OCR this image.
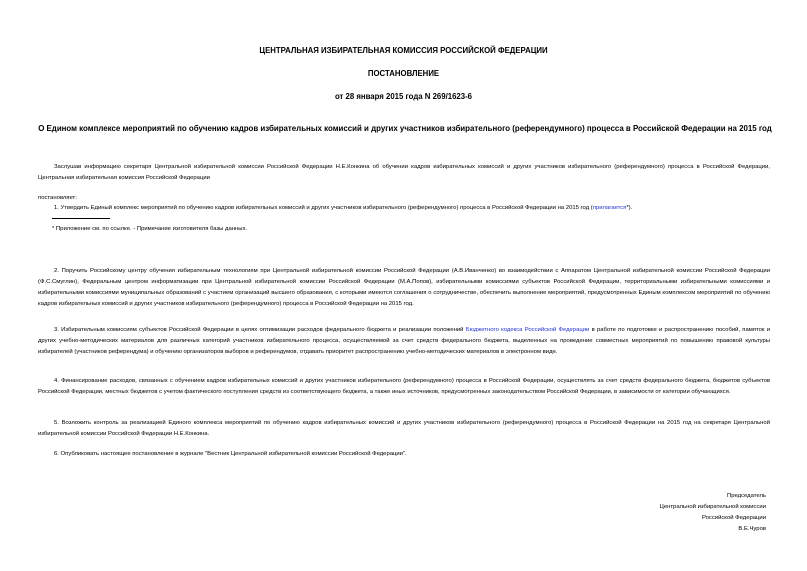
ЦЕНТРАЛЬНАЯ ИЗБИРАТЕЛЬНАЯ КОМИССИЯ РОССИЙСКОЙ ФЕДЕРАЦИИ
ПОСТАНОВЛЕНИЕ
от 28 января 2015 года N 269/1623-6
О Едином комплексе мероприятий по обучению кадров избирательных комиссий и других участников избирательного (референдумного) процесса в Российской Федерации на 2015 год
Заслушав информацию секретаря Центральной избирательной комиссии Российской Федерации Н.Е.Конкина об обучении кадров избирательных комиссий и других участников избирательного (референдумного) процесса в Российской Федерации, Центральная избирательная комиссия Российской Федерации
постановляет:
1. Утвердить Единый комплекс мероприятий по обучению кадров избирательных комиссий и других участников избирательного (референдумного) процесса в Российской Федерации на 2015 год (прилагается*).
* Приложение см. по ссылке. - Примечание изготовителя базы данных.
2. Поручить Российскому центру обучения избирательным технологиям при Центральной избирательной комиссии Российской Федерации (А.В.Иванченко) во взаимодействии с Аппаратом Центральной избирательной комиссии Российской Федерации (Ф.С.Смуглин), Федеральным центром информатизации при Центральной избирательной комиссии Российской Федерации (М.А.Попов), избирательными комиссиями субъектов Российской Федерации, территориальными избирательными комиссиями и избирательными комиссиями муниципальных образований с участием организаций высшего образования, с которыми имеются соглашения о сотрудничестве, обеспечить выполнение мероприятий, предусмотренных Единым комплексом мероприятий по обучению кадров избирательных комиссий и других участников избирательного (референдумного) процесса в Российской Федерации на 2015 год.
3. Избирательным комиссиям субъектов Российской Федерации в целях оптимизации расходов федерального бюджета и реализации положений Бюджетного кодекса Российской Федерации в работе по подготовке и распространению пособий, памяток и других учебно-методических материалов для различных категорий участников избирательного процесса, осуществляемой за счет средств федерального бюджета, выделенных на проведение совместных мероприятий по повышению правовой культуры избирателей (участников референдума) и обучению организаторов выборов и референдумов, отдавать приоритет распространению учебно-методических материалов в электронном виде.
4. Финансирование расходов, связанных с обучением кадров избирательных комиссий и других участников избирательного (референдумного) процесса в Российской Федерации, осуществлять за счет средств федерального бюджета, бюджетов субъектов Российской Федерации, местных бюджетов с учетом фактического поступления средств из соответствующего бюджета, а также иных источников, предусмотренных законодательством Российской Федерации, в зависимости от категории обучающихся.
5. Возложить контроль за реализацией Единого комплекса мероприятий по обучению кадров избирательных комиссий и других участников избирательного (референдумного) процесса в Российской Федерации на 2015 год на секретаря Центральной избирательной комиссии Российской Федерации Н.Е.Конкина.
6. Опубликовать настоящее постановление в журнале "Вестник Центральной избирательной комиссии Российской Федерации".
Председатель
Центральной избирательной комиссии
Российской Федерации
В.Е.Чуров
